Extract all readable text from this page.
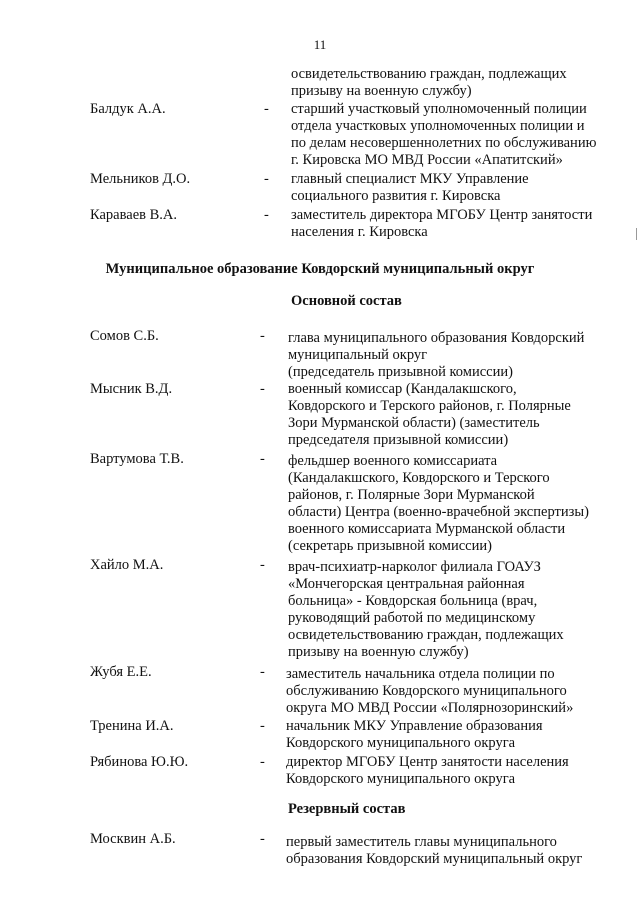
11
освидетельствованию граждан, подлежащих
призыву на военную службу)
Балдук А.А.	- старший участковый уполномоченный полиции
отдела участковых уполномоченных полиции и
по делам несовершеннолетних по обслуживанию
г. Кировска МО МВД России «Апатитский»
Мельников Д.О.	- главный специалист МКУ Управление
социального развития г. Кировска
Караваев В.А.	- заместитель директора МГОБУ Центр занятости
населения г. Кировска
Муниципальное образование Ковдорский муниципальный округ
Основной состав
Сомов С.Б.	- глава муниципального образования Ковдорский
муниципальный округ
(председатель призывной комиссии)
Мысник В.Д.	- военный комиссар (Кандалакшского,
Ковдорского и Терского районов, г. Полярные
Зори Мурманской области) (заместитель
председателя призывной комиссии)
Вартумова Т.В.	- фельдшер военного комиссариата
(Кандалакшского, Ковдорского и Терского
районов, г. Полярные Зори Мурманской
области) Центра (военно-врачебной экспертизы)
военного комиссариата Мурманской области
(секретарь призывной комиссии)
Хайло М.А.	- врач-психиатр-нарколог филиала ГОАУЗ
«Мончегорская центральная районная
больница» - Ковдорская больница (врач,
руководящий работой по медицинскому
освидетельствованию граждан, подлежащих
призыву на военную службу)
Жубя Е.Е.	- заместитель начальника отдела полиции по
обслуживанию Ковдорского муниципального
округа МО МВД России «Полярнозоринский»
Тренина И.А.	- начальник МКУ Управление образования
Ковдорского муниципального округа
Рябинова Ю.Ю.	- директор МГОБУ Центр занятости населения
Ковдорского муниципального округа
Резервный состав
Москвин А.Б.	- первый заместитель главы муниципального
образования Ковдорский муниципальный округ
